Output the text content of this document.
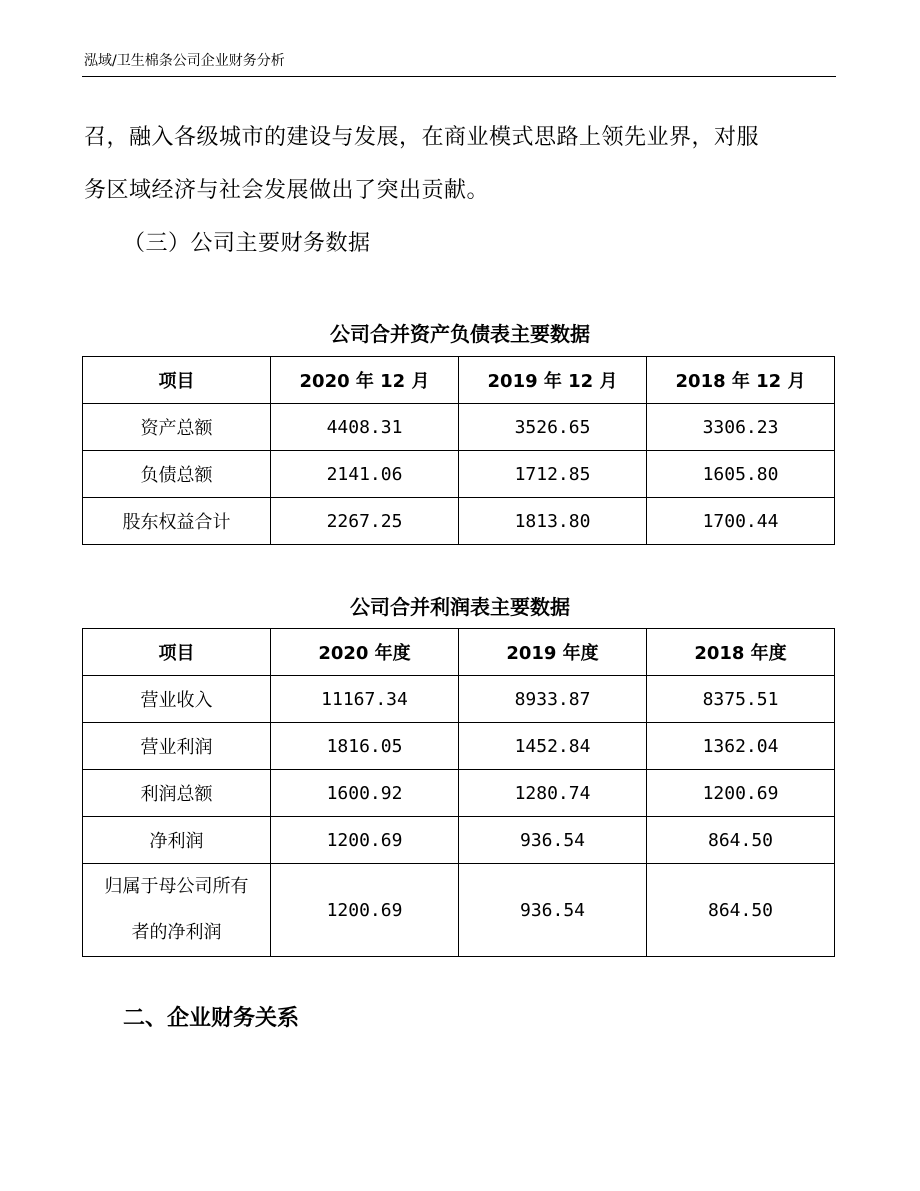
泓域/卫生棉条公司企业财务分析
召，融入各级城市的建设与发展，在商业模式思路上领先业界，对服
务区域经济与社会发展做出了突出贡献。
（三）公司主要财务数据
公司合并资产负债表主要数据
项目	2020 年 12 月	2019 年 12 月	2018 年 12 月
资产总额	4408.31	3526.65	3306.23
负债总额	2141.06	1712.85	1605.80
股东权益合计	2267.25	1813.80	1700.44
公司合并利润表主要数据
项目	2020 年度	2019 年度	2018 年度
营业收入	11167.34	8933.87	8375.51
营业利润	1816.05	1452.84	1362.04
利润总额	1600.92	1280.74	1200.69
净利润	1200.69	936.54	864.50

归属于母公司所有
者的净利润	1200.69	936.54	864.50
二、企业财务关系
